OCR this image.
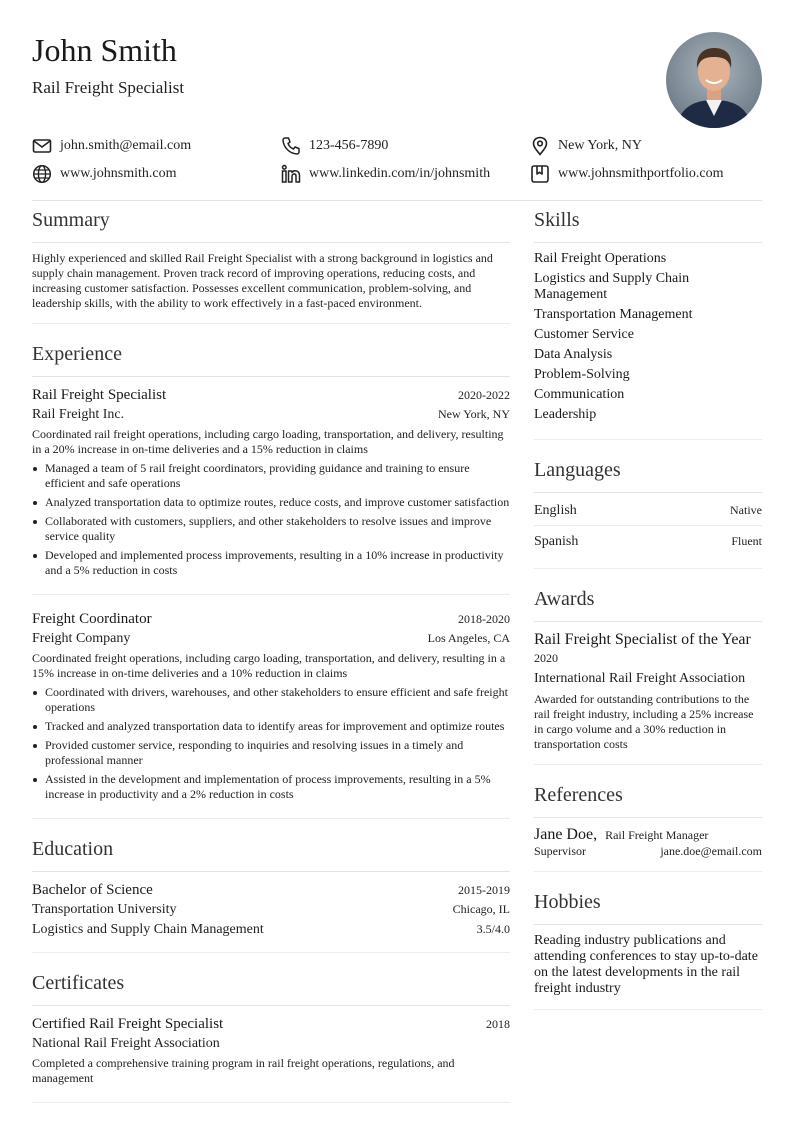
John Smith
Rail Freight Specialist
john.smith@email.com	123-456-7890	New York, NY
www.johnsmith.com	www.linkedin.com/in/johnsmith	www.johnsmithportfolio.com
Summary
Highly experienced and skilled Rail Freight Specialist with a strong background in logistics and supply chain management. Proven track record of improving operations, reducing costs, and increasing customer satisfaction. Possesses excellent communication, problem-solving, and leadership skills, with the ability to work effectively in a fast-paced environment.
Experience
Rail Freight Specialist	2020-2022
Rail Freight Inc.	New York, NY
Coordinated rail freight operations, including cargo loading, transportation, and delivery, resulting in a 20% increase in on-time deliveries and a 15% reduction in claims
Managed a team of 5 rail freight coordinators, providing guidance and training to ensure efficient and safe operations
Analyzed transportation data to optimize routes, reduce costs, and improve customer satisfaction
Collaborated with customers, suppliers, and other stakeholders to resolve issues and improve service quality
Developed and implemented process improvements, resulting in a 10% increase in productivity and a 5% reduction in costs
Freight Coordinator	2018-2020
Freight Company	Los Angeles, CA
Coordinated freight operations, including cargo loading, transportation, and delivery, resulting in a 15% increase in on-time deliveries and a 10% reduction in claims
Coordinated with drivers, warehouses, and other stakeholders to ensure efficient and safe freight operations
Tracked and analyzed transportation data to identify areas for improvement and optimize routes
Provided customer service, responding to inquiries and resolving issues in a timely and professional manner
Assisted in the development and implementation of process improvements, resulting in a 5% increase in productivity and a 2% reduction in costs
Education
Bachelor of Science	2015-2019
Transportation University	Chicago, IL
Logistics and Supply Chain Management	3.5/4.0
Certificates
Certified Rail Freight Specialist	2018
National Rail Freight Association
Completed a comprehensive training program in rail freight operations, regulations, and management
Skills
Rail Freight Operations
Logistics and Supply Chain Management
Transportation Management
Customer Service
Data Analysis
Problem-Solving
Communication
Leadership
Languages
English	Native
Spanish	Fluent
Awards
Rail Freight Specialist of the Year
2020
International Rail Freight Association
Awarded for outstanding contributions to the rail freight industry, including a 25% increase in cargo volume and a 30% reduction in transportation costs
References
Jane Doe, Rail Freight Manager
Supervisor	jane.doe@email.com
Hobbies
Reading industry publications and attending conferences to stay up-to-date on the latest developments in the rail freight industry
